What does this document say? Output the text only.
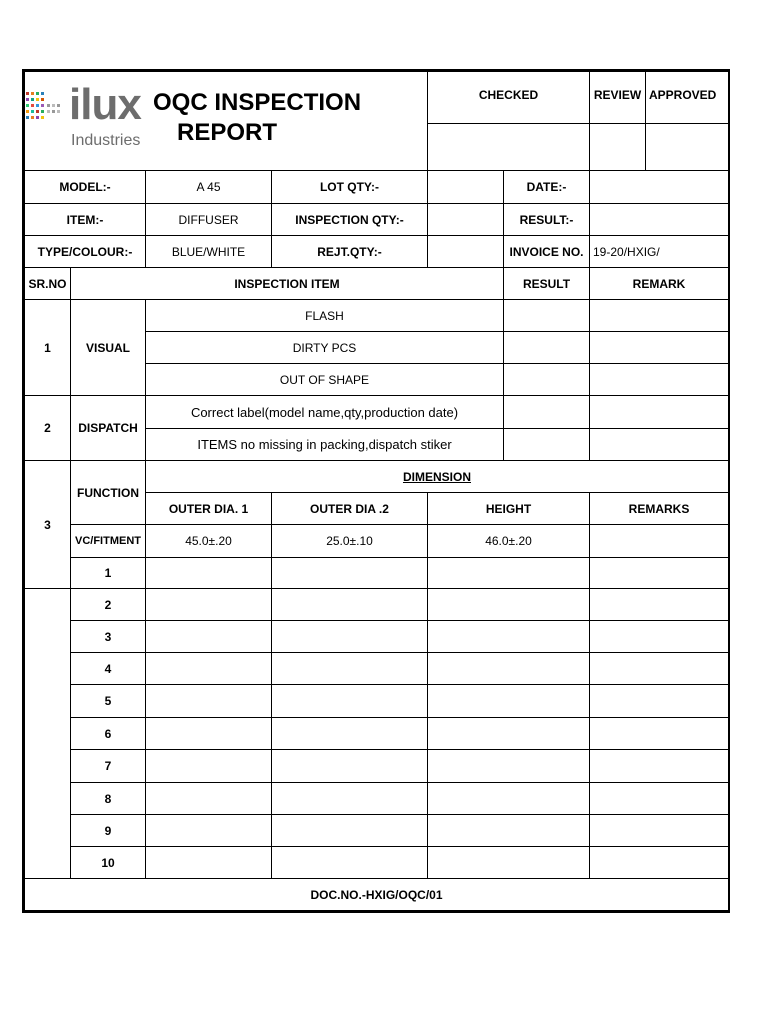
ilux
Industries
OQC INSPECTION
REPORT				CHECKED		REVIEW	APPROVED

MODEL:-		A 45	LOT QTY:-		DATE:-		
ITEM:-		DIFFUSER	INSPECTION QTY:-		RESULT:-		
TYPE/COLOUR:-		BLUE/WHITE	REJT.QTY:-		INVOICE NO.	19-20/HXIG/	
SR.NO	INSPECTION ITEM				RESULT	REMARK	
1	VISUAL	FLASH					
		DIRTY PCS					
		OUT OF SHAPE					
2	DISPATCH	Correct label(model name,qty,production date)					
		ITEMS no missing in packing,dispatch stiker					
3	FUNCTION	DIMENSION					
		OUTER DIA. 1	OUTER DIA .2	HEIGHT		REMARKS	
	VC/FITMENT	45.0±.20	25.0±.10	46.0±.20			
	1						
	2						
	3						
	4						
	5						
	6						
	7						
	8						
	9						
	10						
DOC.NO.-HXIG/OQC/01							
